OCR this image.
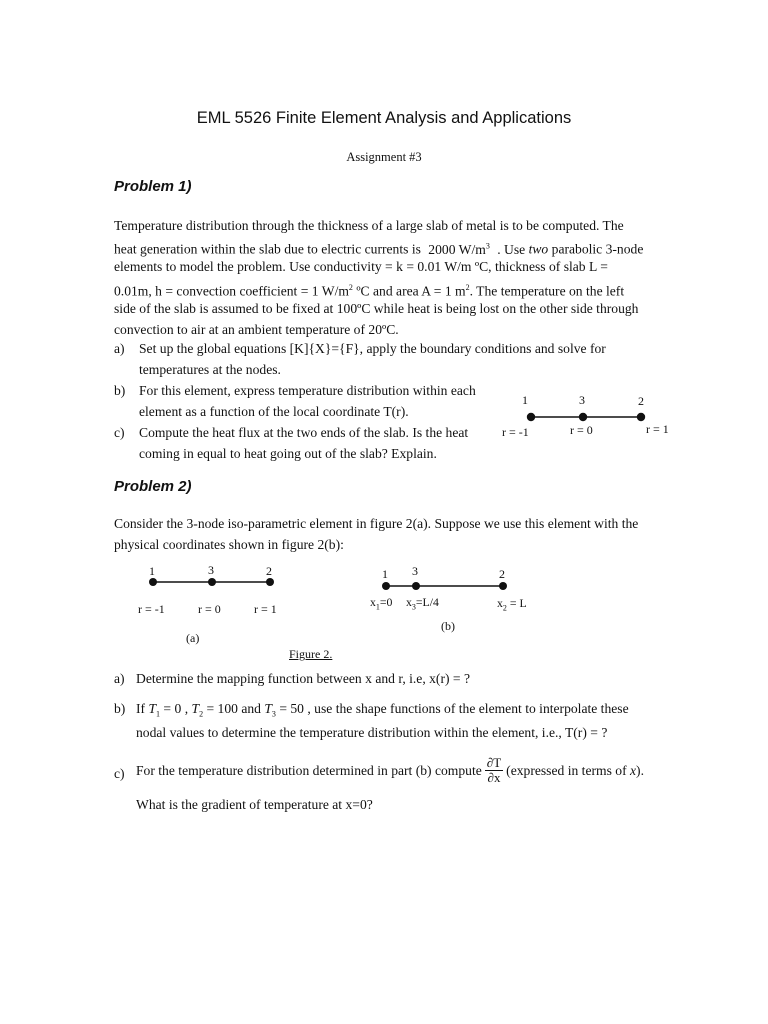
EML 5526 Finite Element Analysis and Applications
Assignment #3
Problem 1)
Temperature distribution through the thickness of a large slab of metal is to be computed. The
heat generation within the slab due to electric currents is 2000 $W/m^3$ . Use two parabolic 3-node
elements to model the problem. Use conductivity = k = 0.01 W/m ºC, thickness of slab L =
0.01m, h = convection coefficient = 1 $W/m^2$ ºC and area A = 1 $m^2$. The temperature on the left
side of the slab is assumed to be fixed at 100ºC while heat is being lost on the other side through
convection to air at an ambient temperature of 20ºC.
a) Set up the global equations [K]{X}={F}, apply the boundary conditions and solve for
temperatures at the nodes.
b) For this element, express temperature distribution within each
element as a function of the local coordinate T(r).
c) Compute the heat flux at the two ends of the slab. Is the heat
coming in equal to heat going out of the slab? Explain.
1	3	2
r = -1	r = 0	r = 1
Problem 2)
Consider the 3-node iso-parametric element in figure 2(a). Suppose we use this element with the
physical coordinates shown in figure 2(b):
1	3	2
r = -1	r = 0	r = 1
(a)
1 3	2
$x_1=0$ $x_3=L/4$	$x_2 = L$
(b)
Figure 2.
a) Determine the mapping function between x and r, i.e, x(r) = ?
b) If $T_1 = 0$ , $T_2 = 100$ and $T_3 = 50$ , use the shape functions of the element to interpolate these
nodal values to determine the temperature distribution within the element, i.e., T(r) = ?
c) For the temperature distribution determined in part (b) compute $\frac{\partial T}{\partial x}$ (expressed in terms of
x ).
What is the gradient of temperature at x=0?
